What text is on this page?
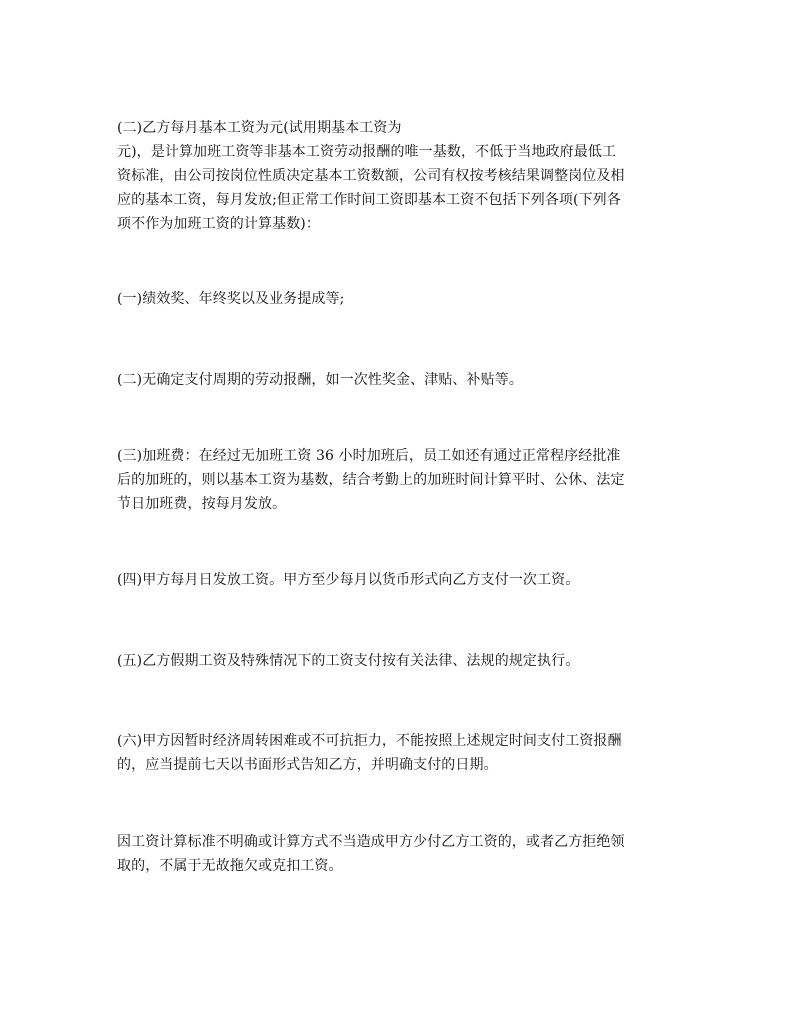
(二)乙方每月基本工资为元(试用期基本工资为
元)，是计算加班工资等非基本工资劳动报酬的唯一基数，不低于当地政府最低工
资标准，由公司按岗位性质决定基本工资数额，公司有权按考核结果调整岗位及相
应的基本工资，每月发放;但正常工作时间工资即基本工资不包括下列各项(下列各
项不作为加班工资的计算基数)：
(一)绩效奖、年终奖以及业务提成等;
(二)无确定支付周期的劳动报酬，如一次性奖金、津贴、补贴等。
(三)加班费：在经过无加班工资 36 小时加班后，员工如还有通过正常程序经批准
后的加班的，则以基本工资为基数，结合考勤上的加班时间计算平时、公休、法定
节日加班费，按每月发放。
(四)甲方每月日发放工资。甲方至少每月以货币形式向乙方支付一次工资。
(五)乙方假期工资及特殊情况下的工资支付按有关法律、法规的规定执行。
(六)甲方因暂时经济周转困难或不可抗拒力，不能按照上述规定时间支付工资报酬
的，应当提前七天以书面形式告知乙方，并明确支付的日期。
因工资计算标准不明确或计算方式不当造成甲方少付乙方工资的，或者乙方拒绝领
取的，不属于无故拖欠或克扣工资。
